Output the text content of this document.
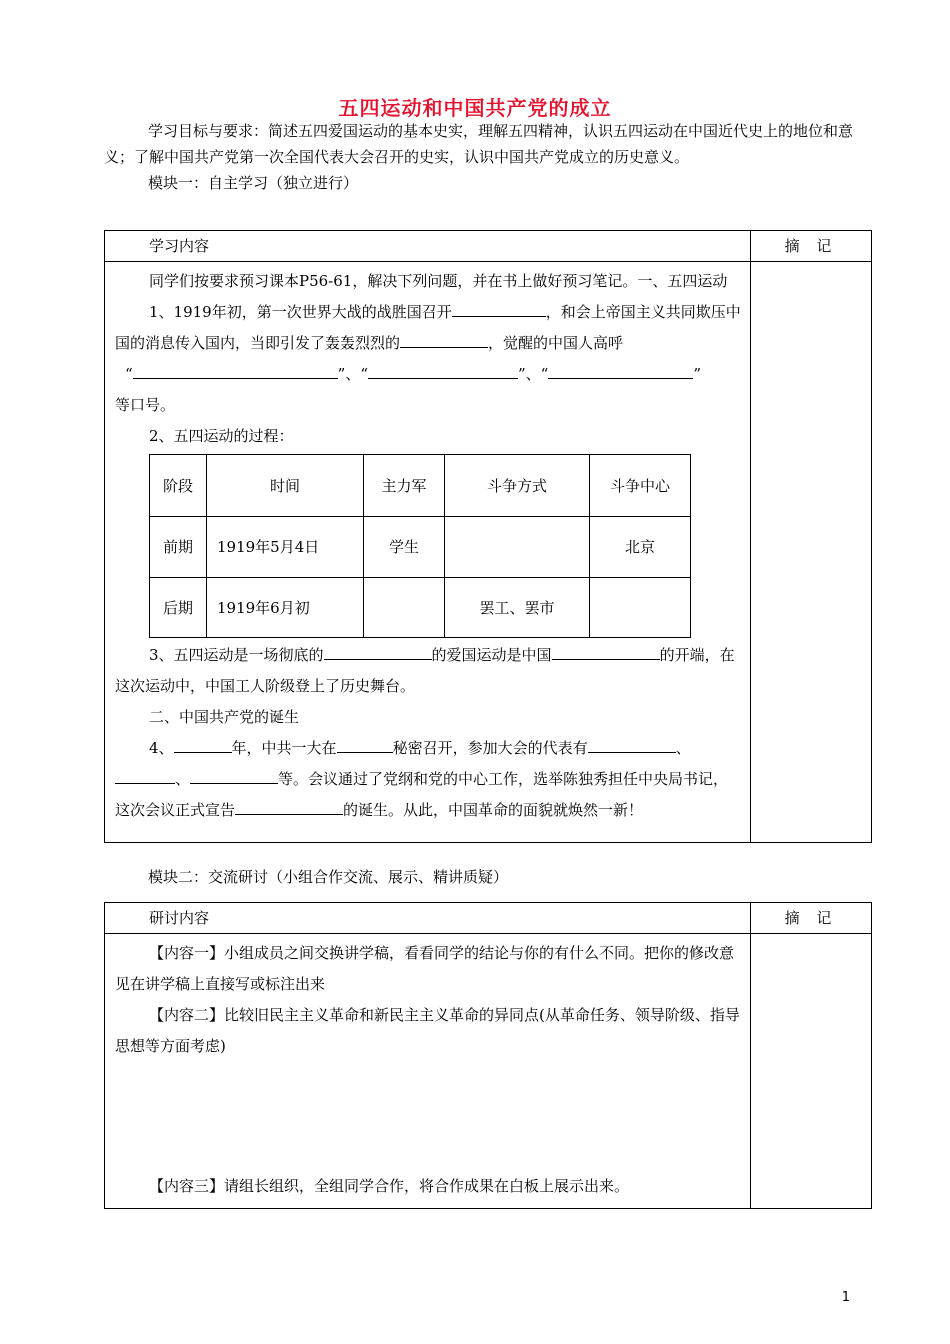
五四运动和中国共产党的成立
学习目标与要求：简述五四爱国运动的基本史实，理解五四精神，认识五四运动在中国近代史上的地位和意义；了解中国共产党第一次全国代表大会召开的史实，认识中国共产党成立的历史意义。
模块一：自主学习（独立进行）
学习内容	摘 记

同学们按要求预习课本P56-61，解决下列问题，并在书上做好预习笔记。一、五四运动
1、1919年初，第一次世界大战的战胜国召开	，和会上帝国主义共同欺压中国的消息传入国内，当即引发了轰轰烈烈的	，觉醒的中国人高呼
“	”、“	”、“	”
等口号。
2、五四运动的过程：
阶段	时间	主力军	斗争方式	斗争中心
前期	1919年5月4日	学生		北京
后期	1919年6月初		罢工、罢市	
3、五四运动是一场彻底的	的爱国运动是中国	的开端，在这次运动中，中国工人阶级登上了历史舞台。
二、中国共产党的诞生
4、	年，中共一大在	秘密召开，参加大会的代表有	、、	等。会议通过了党纲和党的中心工作，选举陈独秀担任中央局书记，这次会议正式宣告	的诞生。从此，中国革命的面貌就焕然一新！

模块二：交流研讨（小组合作交流、展示、精讲质疑）
研讨内容	摘 记

【内容一】小组成员之间交换讲学稿，看看同学的结论与你的有什么不同。把你的修改意见在讲学稿上直接写或标注出来
【内容二】比较旧民主主义革命和新民主主义革命的异同点(从革命任务、领导阶级、指导思想等方面考虑)
【内容三】请组长组织，全组同学合作，将合作成果在白板上展示出来。	

1
